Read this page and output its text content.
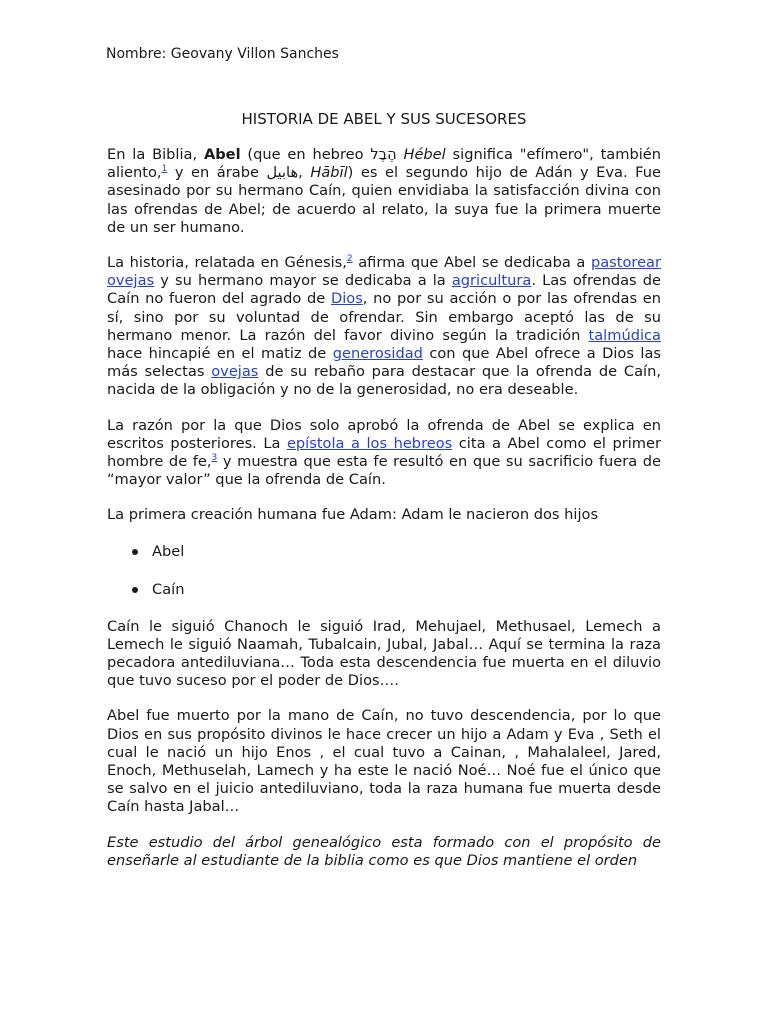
Nombre: Geovany Villon Sanches
HISTORIA DE ABEL Y SUS SUCESORES

En la Biblia, Abel (que en hebreo הֶבֶל Hébel significa "efímero", también aliento,$^1$ y en árabe هابيل, Hābīl) es el segundo hijo de Adán y Eva. Fue asesinado por su hermano Caín, quien envidiaba la satisfacción divina con las ofrendas de Abel; de acuerdo al relato, la suya fue la primera muerte de un ser humano.

La historia, relatada en Génesis,$^2$ afirma que Abel se dedicaba a pastorear ovejas y su hermano mayor se dedicaba a la agricultura. Las ofrendas de Caín no fueron del agrado de Dios, no por su acción o por las ofrendas en sí, sino por su voluntad de ofrendar. Sin embargo aceptó las de su hermano menor. La razón del favor divino según la tradición talmúdica hace hincapié en el matiz de generosidad con que Abel ofrece a Dios las más selectas ovejas de su rebaño para destacar que la ofrenda de Caín, nacida de la obligación y no de la generosidad, no era deseable.

La razón por la que Dios solo aprobó la ofrenda de Abel se explica en escritos posteriores. La epístola a los hebreos cita a Abel como el primer hombre de fe,$^3$ y muestra que esta fe resultó en que su sacrificio fuera de “mayor valor” que la ofrenda de Caín.

La primera creación humana fue Adam: Adam le nacieron dos hijos

Abel
Caín

Caín le siguió Chanoch le siguió Irad, Mehujael, Methusael, Lemech a Lemech le siguió Naamah, Tubalcain, Jubal, Jabal… Aquí se termina la raza pecadora antediluviana… Toda esta descendencia fue muerta en el diluvio que tuvo suceso por el poder de Dios….

Abel fue muerto por la mano de Caín, no tuvo descendencia, por lo que Dios en sus propósito divinos le hace crecer un hijo a Adam y Eva , Seth el cual le nació un hijo Enos , el cual tuvo a Cainan, , Mahalaleel, Jared, Enoch, Methuselah, Lamech y ha este le nació Noé… Noé fue el único que se salvo en el juicio antediluviano, toda la raza humana fue muerta desde Caín hasta Jabal…

Este estudio del árbol genealógico esta formado con el propósito de enseñarle al estudiante de la biblia como es que Dios mantiene el orden
